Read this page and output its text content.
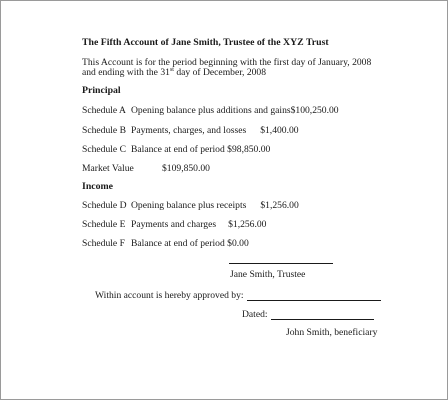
The Fifth Account of Jane Smith, Trustee of the XYZ Trust
This Account is for the period beginning with the first day of January, 2008
and ending with the 31st day of December, 2008
Principal
Schedule A Opening balance plus additions and gains$100,250.00
Schedule B Payments, charges, and losses $1,400.00
Schedule C Balance at end of period $98,850.00
Market Value	$109,850.00
Income
Schedule D Opening balance plus receipts $1,256.00
Schedule E Payments and charges $1,256.00
Schedule F Balance at end of period $0.00
Jane Smith, Trustee
Within account is hereby approved by:
Dated:
John Smith, beneficiary
